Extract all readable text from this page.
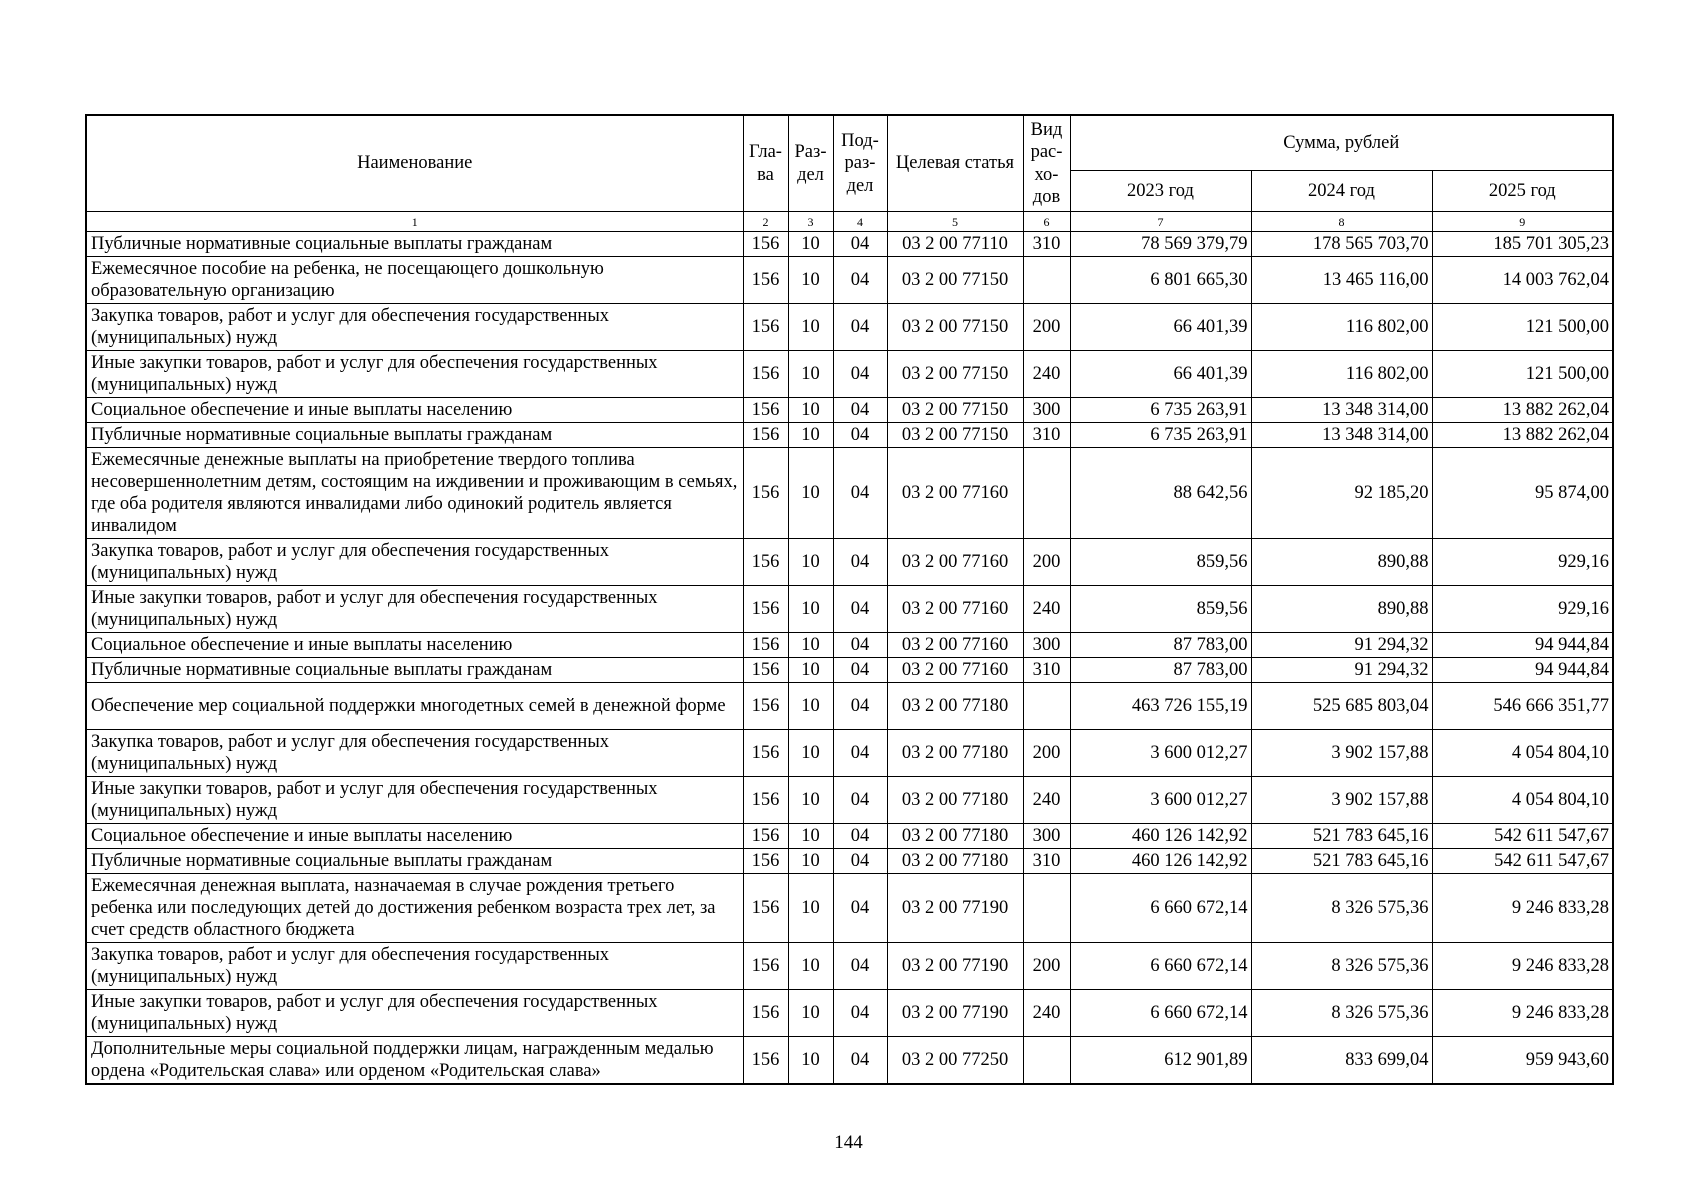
Наименование	Гла-ва	Раз-дел	Под-раз-дел	Целевая статья	Вид рас-хо-дов	Сумма, рублей		
						2023 год	2024 год	2025 год
1	2	3	4	5	6	7	8	9
Публичные нормативные социальные выплаты гражданам	156	10	04	03 2 00 77110	310	78 569 379,79	178 565 703,70	185 701 305,23
Ежемесячное пособие на ребенка, не посещающего дошкольную образовательную организацию	156	10	04	03 2 00 77150		6 801 665,30	13 465 116,00	14 003 762,04
Закупка товаров, работ и услуг для обеспечения государственных (муниципальных) нужд	156	10	04	03 2 00 77150	200	66 401,39	116 802,00	121 500,00
Иные закупки товаров, работ и услуг для обеспечения государственных (муниципальных) нужд	156	10	04	03 2 00 77150	240	66 401,39	116 802,00	121 500,00
Социальное обеспечение и иные выплаты населению	156	10	04	03 2 00 77150	300	6 735 263,91	13 348 314,00	13 882 262,04
Публичные нормативные социальные выплаты гражданам	156	10	04	03 2 00 77150	310	6 735 263,91	13 348 314,00	13 882 262,04
Ежемесячные денежные выплаты на приобретение твердого топлива несовершеннолетним детям, состоящим на иждивении и проживающим в семьях, где оба родителя являются инвалидами либо одинокий родитель является инвалидом	156	10	04	03 2 00 77160		88 642,56	92 185,20	95 874,00
Закупка товаров, работ и услуг для обеспечения государственных (муниципальных) нужд	156	10	04	03 2 00 77160	200	859,56	890,88	929,16
Иные закупки товаров, работ и услуг для обеспечения государственных (муниципальных) нужд	156	10	04	03 2 00 77160	240	859,56	890,88	929,16
Социальное обеспечение и иные выплаты населению	156	10	04	03 2 00 77160	300	87 783,00	91 294,32	94 944,84
Публичные нормативные социальные выплаты гражданам	156	10	04	03 2 00 77160	310	87 783,00	91 294,32	94 944,84
Обеспечение мер социальной поддержки многодетных семей в денежной форме	156	10	04	03 2 00 77180		463 726 155,19	525 685 803,04	546 666 351,77
Закупка товаров, работ и услуг для обеспечения государственных (муниципальных) нужд	156	10	04	03 2 00 77180	200	3 600 012,27	3 902 157,88	4 054 804,10
Иные закупки товаров, работ и услуг для обеспечения государственных (муниципальных) нужд	156	10	04	03 2 00 77180	240	3 600 012,27	3 902 157,88	4 054 804,10
Социальное обеспечение и иные выплаты населению	156	10	04	03 2 00 77180	300	460 126 142,92	521 783 645,16	542 611 547,67
Публичные нормативные социальные выплаты гражданам	156	10	04	03 2 00 77180	310	460 126 142,92	521 783 645,16	542 611 547,67
Ежемесячная денежная выплата, назначаемая в случае рождения третьего ребенка или последующих детей до достижения ребенком возраста трех лет, за счет средств областного бюджета	156	10	04	03 2 00 77190		6 660 672,14	8 326 575,36	9 246 833,28
Закупка товаров, работ и услуг для обеспечения государственных (муниципальных) нужд	156	10	04	03 2 00 77190	200	6 660 672,14	8 326 575,36	9 246 833,28
Иные закупки товаров, работ и услуг для обеспечения государственных (муниципальных) нужд	156	10	04	03 2 00 77190	240	6 660 672,14	8 326 575,36	9 246 833,28
Дополнительные меры социальной поддержки лицам, награжденным медалью ордена «Родительская слава» или орденом «Родительская слава»	156	10	04	03 2 00 77250		612 901,89	833 699,04	959 943,60
144
